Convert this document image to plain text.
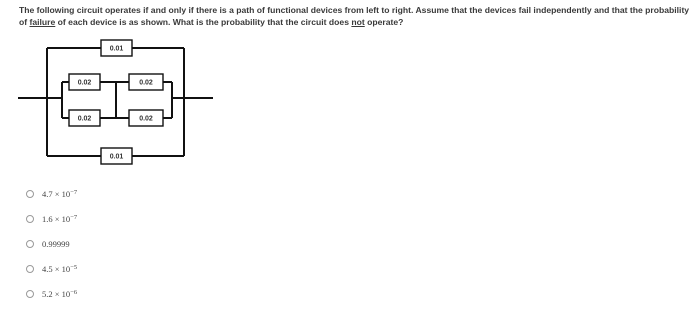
The following circuit operates if and only if there is a path of functional devices from left to right. Assume that the devices fail independently and that the probability of failure of each device is as shown. What is the probability that the circuit does not operate?
0.01
0.02	0.02
0.02	0.02
0.01
$4.7 \times 10^{-7}$
$1.6 \times 10^{-7}$
0.99999
$4.5 \times 10^{-5}$
$5.2 \times 10^{-6}$
